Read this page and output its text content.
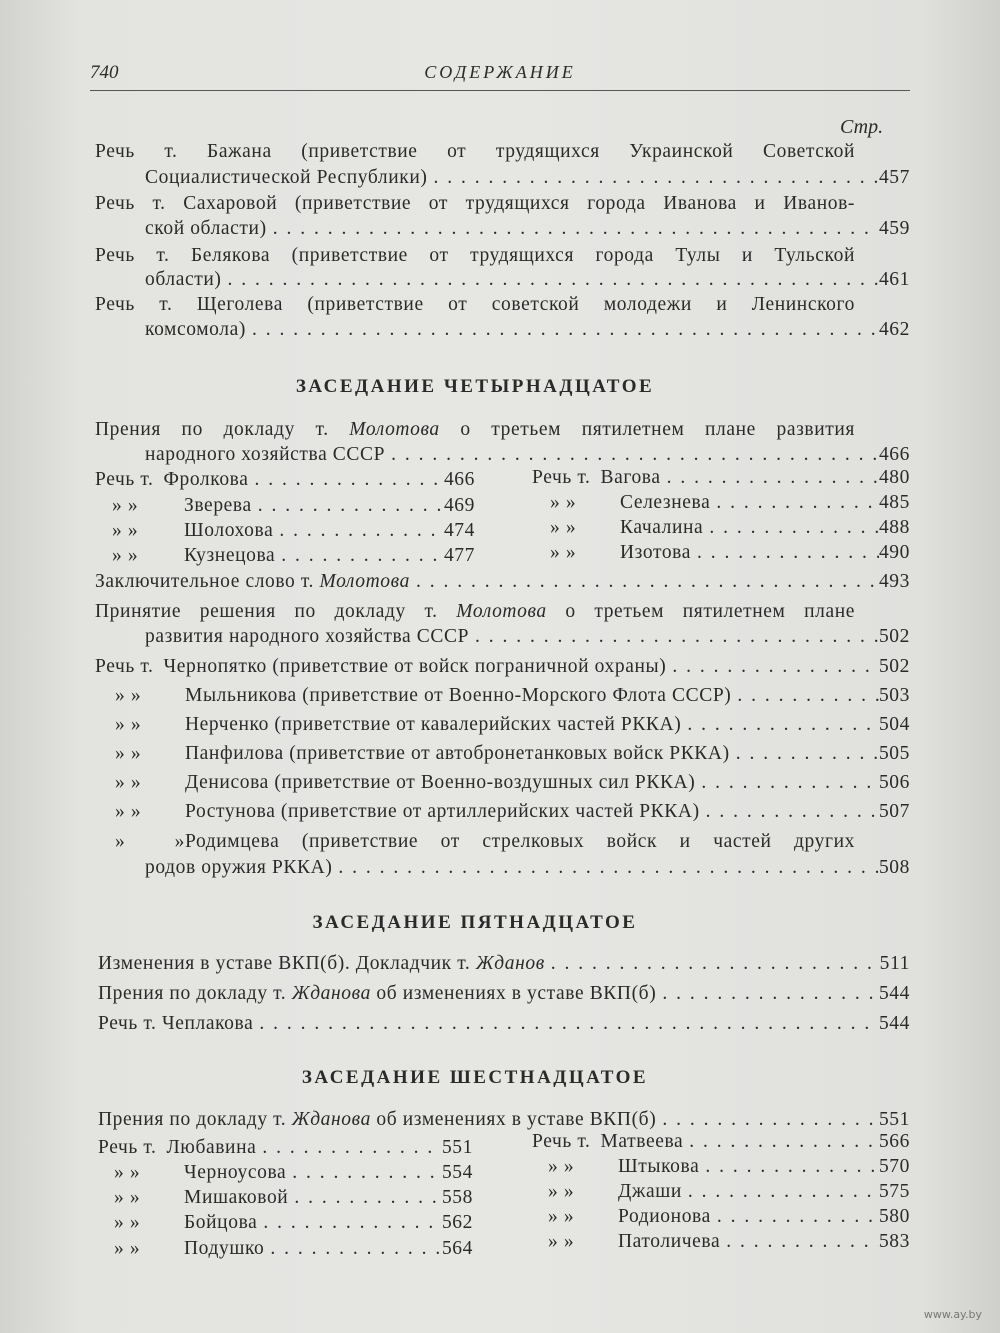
740	СОДЕРЖАНИЕ
Стр.
Речь т. Бажана (приветствие от трудящихся Украинской Советской
Социалистической Республики) . . .	457
Речь т. Сахаровой (приветствие от трудящихся города Иванова и Иванов-
ской области) . . .	459
Речь т. Белякова (приветствие от трудящихся города Тулы и Тульской
области) . . .	461
Речь т. Щеголева (приветствие от советской молодежи и Ленинского
комсомола) . . .	462
ЗАСЕДАНИЕ ЧЕТЫРНАДЦАТОЕ
Прения по докладу т. Молотова о третьем пятилетнем плане развития
народного хозяйства СССР . . .	466
Речь т. Фролкова . . .	466
» » Зверева . . .	469
» » Шолохова . . .	474
» » Кузнецова . . .	477
Речь т. Вагова . . .	480
» » Селезнева . . .	485
» » Качалина . . .	488
» » Изотова . . .	490
Заключительное слово т. Молотова . . .	493
Принятие решения по докладу т. Молотова о третьем пятилетнем плане
развития народного хозяйства СССР . . .	502
Речь т. Чернопятко (приветствие от войск пограничной охраны) . . .	502
» » Мыльникова (приветствие от Военно-Морского Флота СССР) . . .	503
» » Нерченко (приветствие от кавалерийских частей РККА) . . .	504
» » Панфилова (приветствие от автобронетанковых войск РККА) . . .	505
» » Денисова (приветствие от Военно-воздушных сил РККА) . . .	506
» » Ростунова (приветствие от артиллерийских частей РККА) . . .	507
» »Родимцева (приветствие от стрелковых войск и частей других
родов оружия РККА) . . .	508
ЗАСЕДАНИЕ ПЯТНАДЦАТОЕ
Изменения в уставе ВКП(б). Докладчик т. Жданов . . .	511
Прения по докладу т. Жданова об изменениях в уставе ВКП(б) . . .	544
Речь т. Чеплакова . . .	544
ЗАСЕДАНИЕ ШЕСТНАДЦАТОЕ
Прения по докладу т. Жданова об изменениях в уставе ВКП(б) . . .	551
Речь т. Любавина . . .	551
» » Черноусова . . .	554
» » Мишаковой . . .	558
» » Бойцова . . .	562
» » Подушко . . .	564
Речь т. Матвеева . . .	566
» » Штыкова . . .	570
» » Джаши . . .	575
» » Родионова . . .	580
» » Патоличева . . .	583
www.ay.by
